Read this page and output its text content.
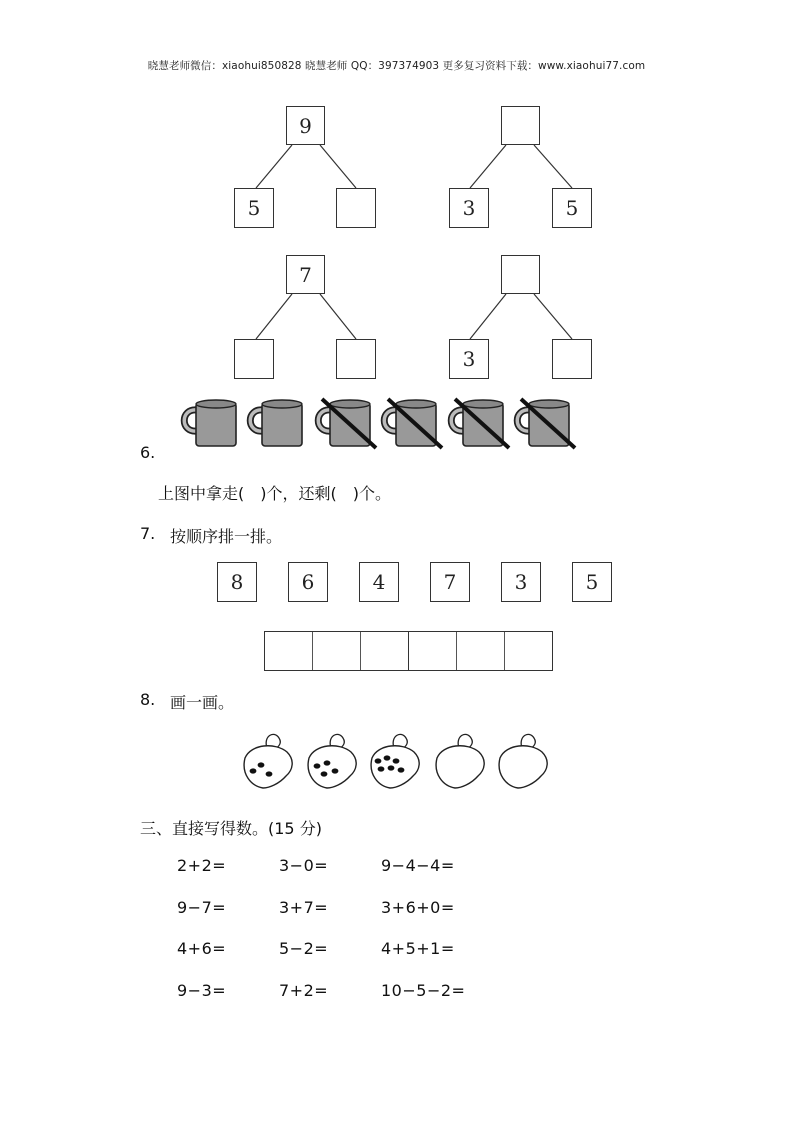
晓慧老师微信：xiaohui850828 晓慧老师 QQ：397374903 更多复习资料下载：www.xiaohui77.com
9
5	3	5
7
3
6.
上图中拿走(　)个，还剩(　)个。
7. 按顺序排一排。
8	6	4	7	3	5
8. 画一画。
三、直接写得数。(15 分)
2+2=	3−0=	9−4−4=
9−7=	3+7=	3+6+0=
4+6=	5−2=	4+5+1=
9−3=	7+2=	10−5−2=
